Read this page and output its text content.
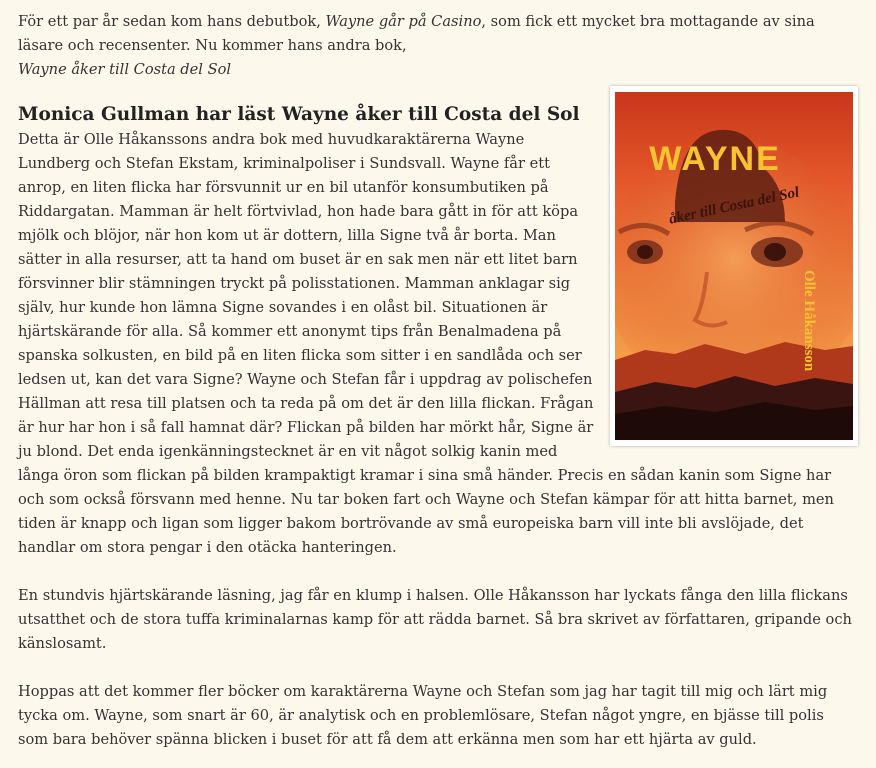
För ett par år sedan kom hans debutbok, Wayne går på Casino, som fick ett mycket bra mottagande av sina läsare och recensenter. Nu kommer hans andra bok,
Wayne åker till Costa del Sol

WAYNE
åker till Costa del Sol
Olle Håkansson
Monica Gullman har läst Wayne åker till Costa del Sol

Detta är Olle Håkanssons andra bok med huvudkaraktärerna Wayne Lundberg och Stefan Ekstam, kriminalpoliser i Sundsvall. Wayne får ett anrop, en liten flicka har försvunnit ur en bil utanför konsumbutiken på Riddargatan. Mamman är helt förtvivlad, hon hade bara gått in för att köpa mjölk och blöjor, när hon kom ut är dottern, lilla Signe två år borta. Man sätter in alla resurser, att ta hand om buset är en sak men när ett litet barn försvinner blir stämningen tryckt på polisstationen. Mamman anklagar sig själv, hur kunde hon lämna Signe sovandes i en olåst bil. Situationen är hjärtskärande för alla. Så kommer ett anonymt tips från Benalmadena på spanska solkusten, en bild på en liten flicka som sitter i en sandlåda och ser ledsen ut, kan det vara Signe? Wayne och Stefan får i uppdrag av polischefen Hällman att resa till platsen och ta reda på om det är den lilla flickan. Frågan är hur har hon i så fall hamnat där? Flickan på bilden har mörkt hår, Signe är ju blond. Det enda igenkänningstecknet är en vit något solkig kanin med långa öron som flickan på bilden krampaktigt kramar i sina små händer. Precis en sådan kanin som Signe har och som också försvann med henne. Nu tar boken fart och Wayne och Stefan kämpar för att hitta barnet, men tiden är knapp och ligan som ligger bakom bortrövande av små europeiska barn vill inte bli avslöjade, det handlar om stora pengar i den otäcka hanteringen.

En stundvis hjärtskärande läsning, jag får en klump i halsen. Olle Håkansson har lyckats fånga den lilla flickans utsatthet och de stora tuffa kriminalarnas kamp för att rädda barnet. Så bra skrivet av författaren, gripande och känslosamt.

Hoppas att det kommer fler böcker om karaktärerna Wayne och Stefan som jag har tagit till mig och lärt mig tycka om. Wayne, som snart är 60, är analytisk och en problemlösare, Stefan något yngre, en bjässe till polis som bara behöver spänna blicken i buset för att få dem att erkänna men som har ett hjärta av guld.
